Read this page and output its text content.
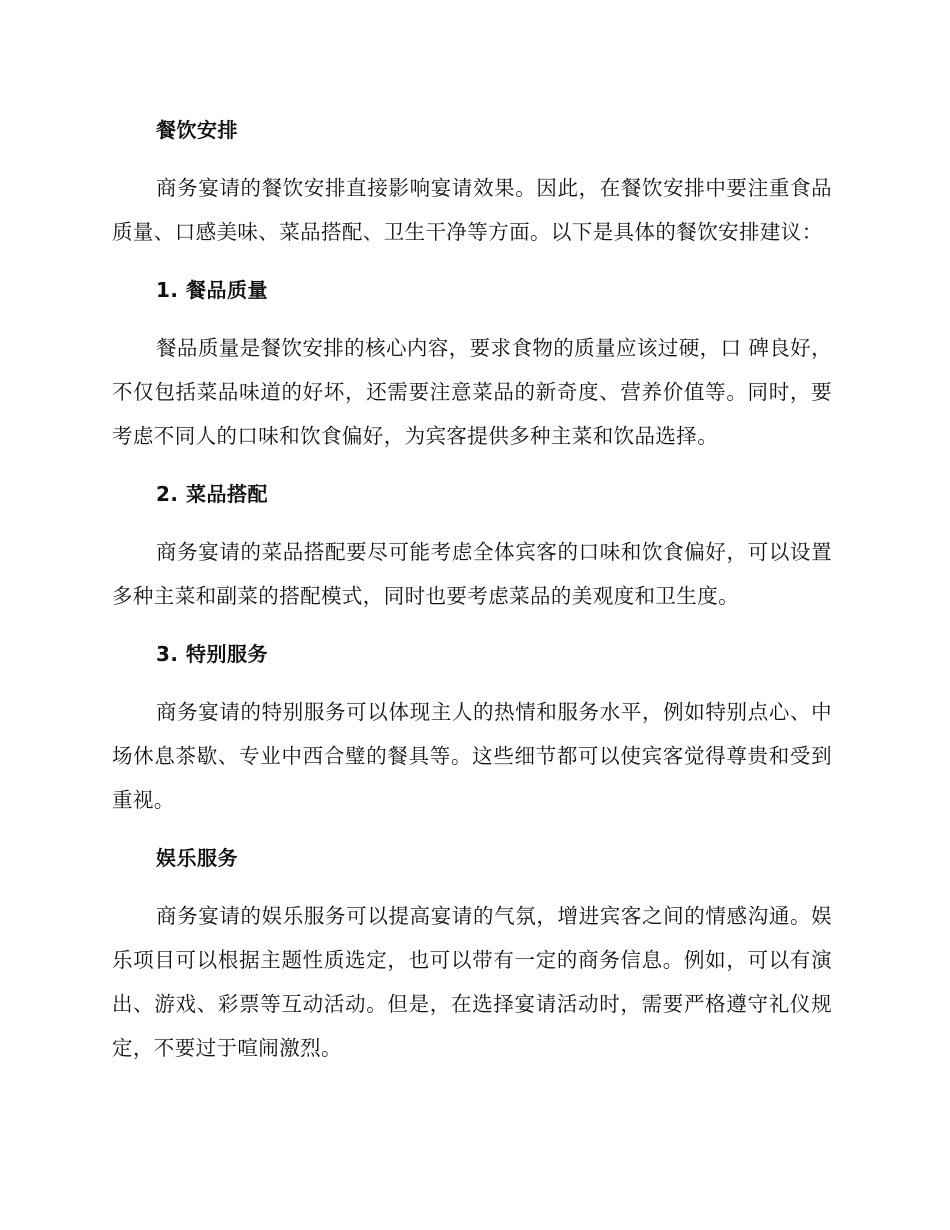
餐饮安排

商务宴请的餐饮安排直接影响宴请效果。因此，在餐饮安排中要注重食品质量、口感美味、菜品搭配、卫生干净等方面。以下是具体的餐饮安排建议：

1. 餐品质量

餐品质量是餐饮安排的核心内容，要求食物的质量应该过硬，口 碑良好，不仅包括菜品味道的好坏，还需要注意菜品的新奇度、营养价值等。同时，要考虑不同人的口味和饮食偏好，为宾客提供多种主菜和饮品选择。

2. 菜品搭配

商务宴请的菜品搭配要尽可能考虑全体宾客的口味和饮食偏好，可以设置多种主菜和副菜的搭配模式，同时也要考虑菜品的美观度和卫生度。

3. 特别服务

商务宴请的特别服务可以体现主人的热情和服务水平，例如特别点心、中场休息茶歇、专业中西合璧的餐具等。这些细节都可以使宾客觉得尊贵和受到重视。

娱乐服务

商务宴请的娱乐服务可以提高宴请的气氛，增进宾客之间的情感沟通。娱乐项目可以根据主题性质选定，也可以带有一定的商务信息。例如，可以有演出、游戏、彩票等互动活动。但是，在选择宴请活动时，需要严格遵守礼仪规定，不要过于喧闹激烈。
